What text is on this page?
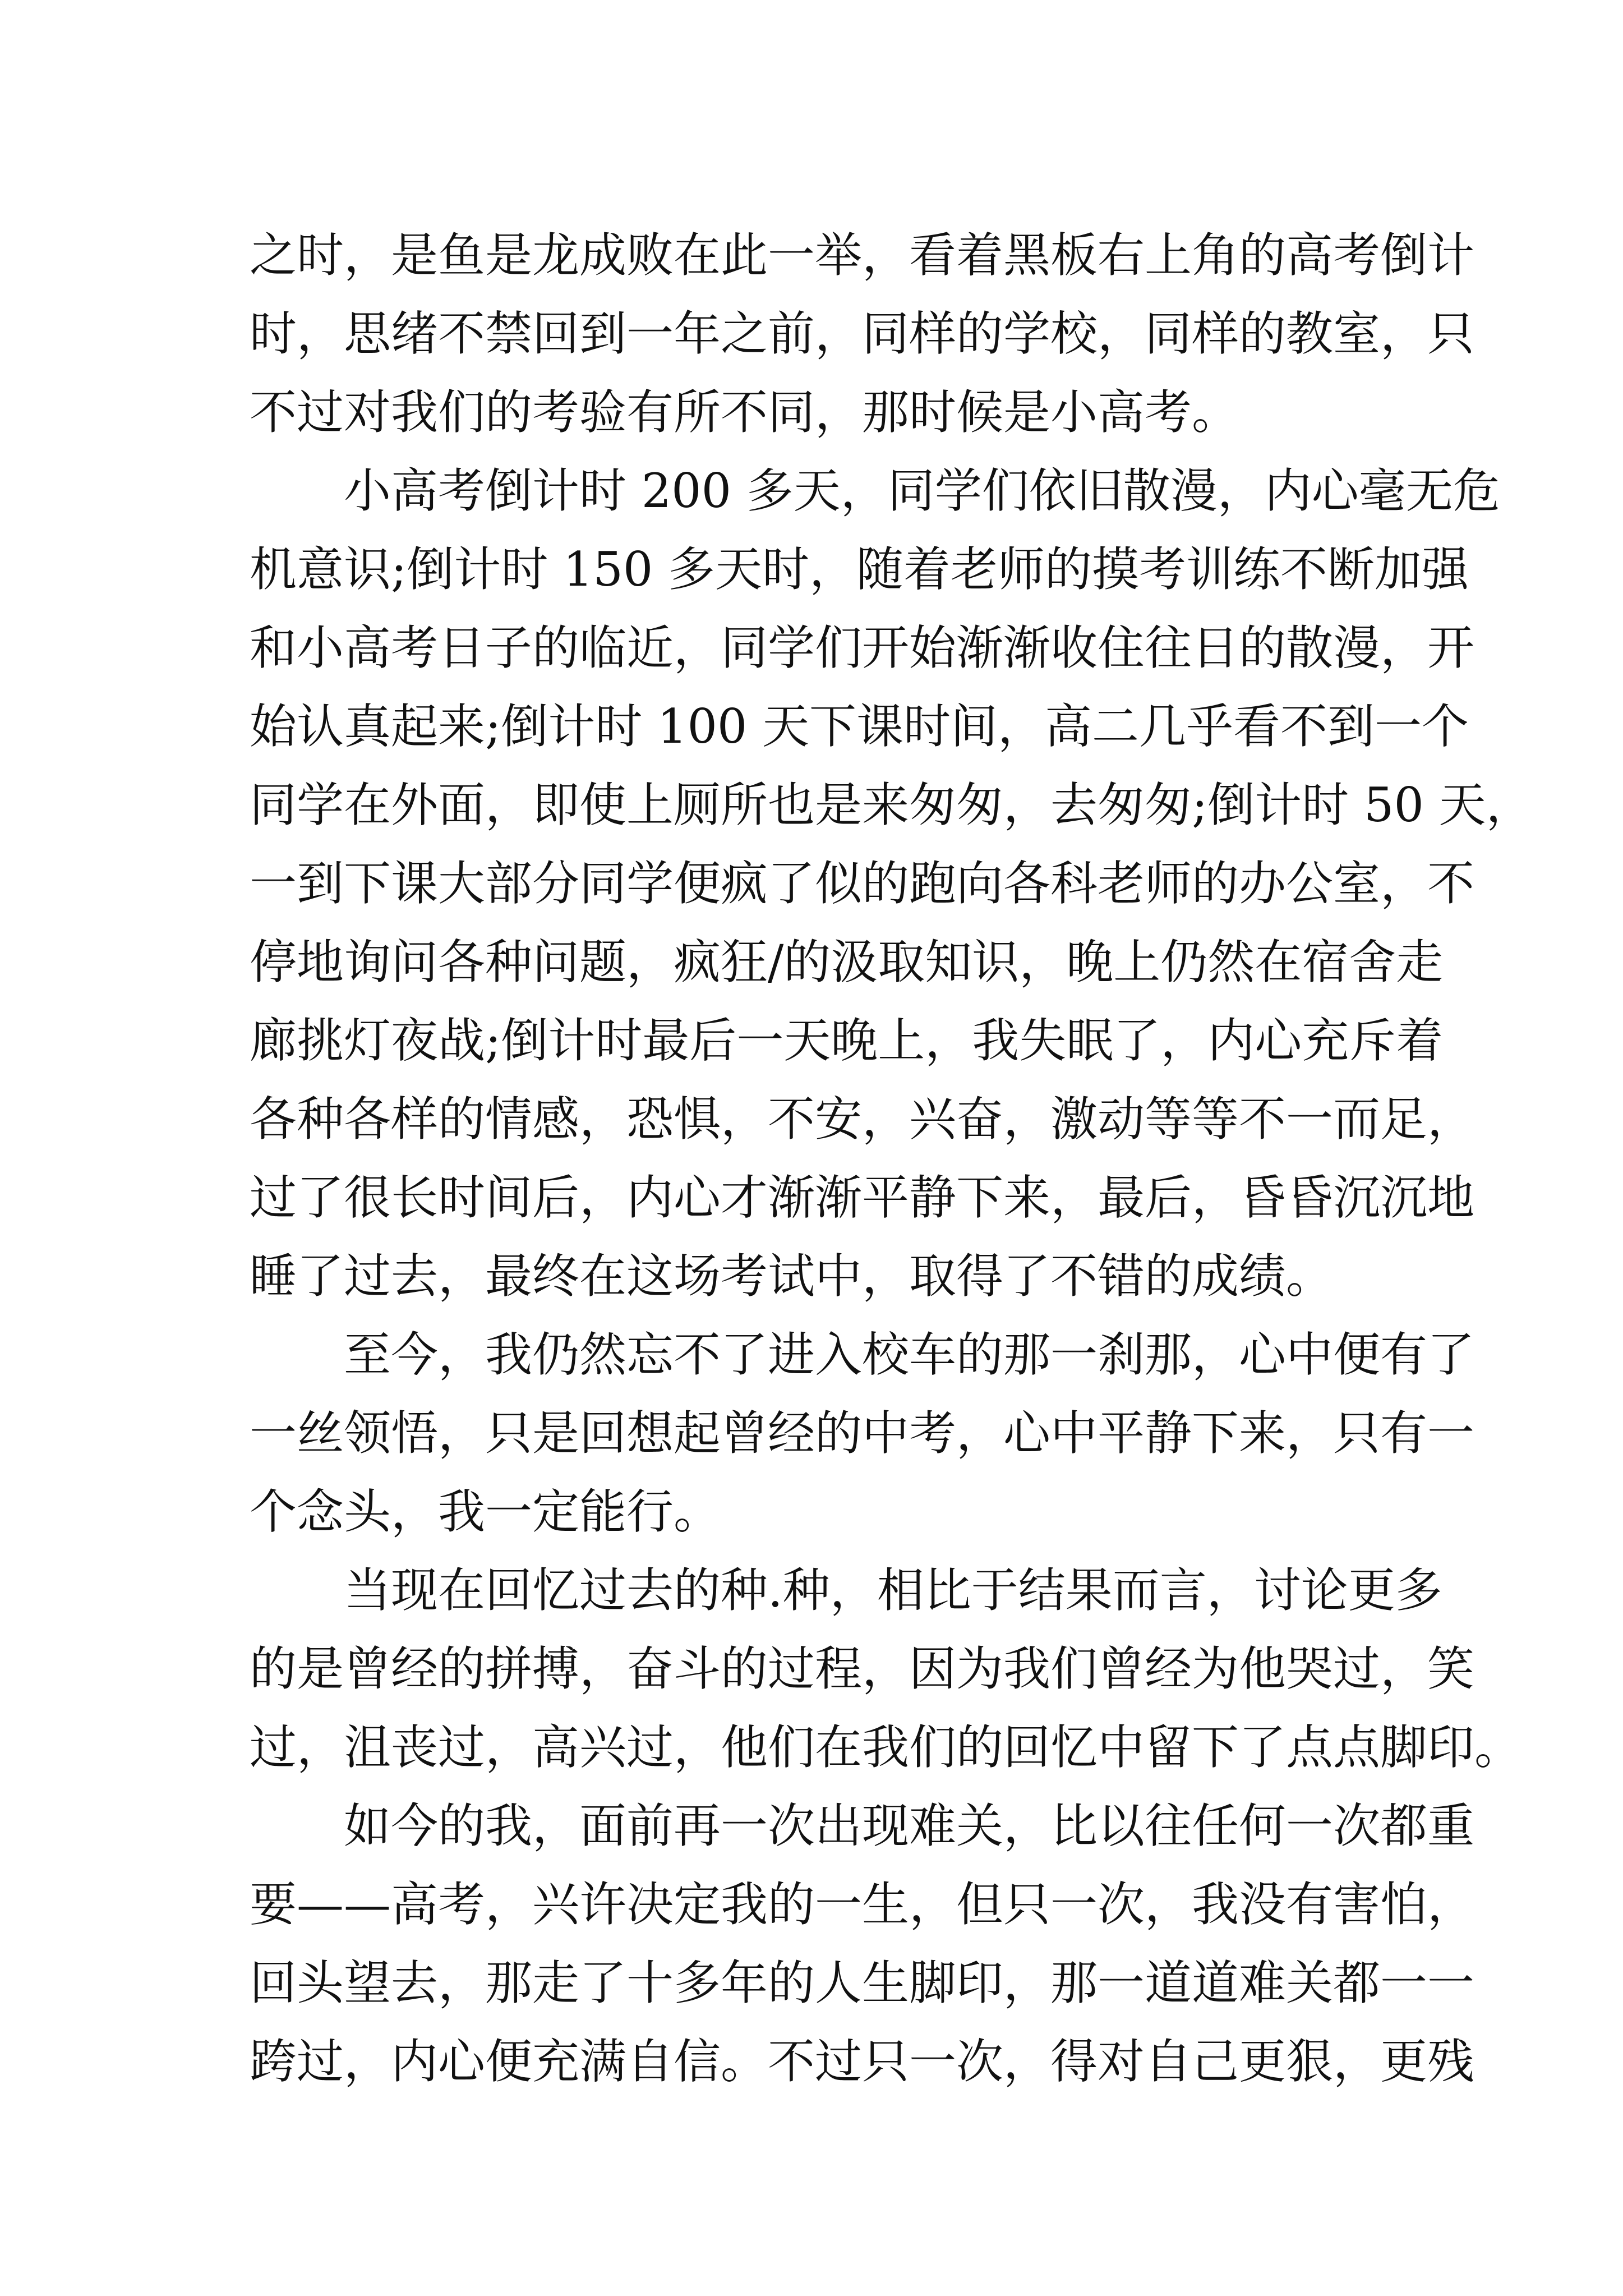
之时，是鱼是龙成败在此一举，看着黑板右上角的高考倒计
时，思绪不禁回到一年之前，同样的学校，同样的教室，只
不过对我们的考验有所不同，那时候是小高考。
小高考倒计时 200 多天，同学们依旧散漫，内心毫无危
机意识;倒计时 150 多天时，随着老师的摸考训练不断加强
和小高考日子的临近，同学们开始渐渐收住往日的散漫，开
始认真起来;倒计时 100 天下课时间，高二几乎看不到一个
同学在外面，即使上厕所也是来匆匆，去匆匆;倒计时 50 天，
一到下课大部分同学便疯了似的跑向各科老师的办公室，不
停地询问各种问题，疯狂/的汲取知识，晚上仍然在宿舍走
廊挑灯夜战;倒计时最后一天晚上，我失眠了，内心充斥着
各种各样的情感，恐惧，不安，兴奋，激动等等不一而足，
过了很长时间后，内心才渐渐平静下来，最后，昏昏沉沉地
睡了过去，最终在这场考试中，取得了不错的成绩。
至今，我仍然忘不了进入校车的那一刹那，心中便有了
一丝领悟，只是回想起曾经的中考，心中平静下来，只有一
个念头，我一定能行。
当现在回忆过去的种.种，相比于结果而言，讨论更多
的是曾经的拼搏，奋斗的过程，因为我们曾经为他哭过，笑
过，沮丧过，高兴过，他们在我们的回忆中留下了点点脚印。
如今的我，面前再一次出现难关，比以往任何一次都重
要——高考，兴许决定我的一生，但只一次，我没有害怕，
回头望去，那走了十多年的人生脚印，那一道道难关都一一
跨过，内心便充满自信。不过只一次，得对自己更狠，更残
